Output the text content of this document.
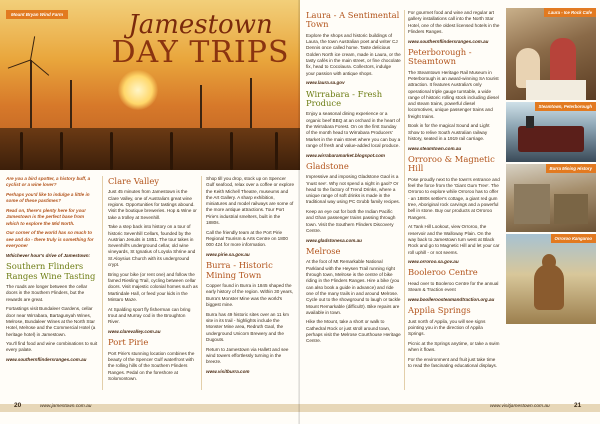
Mount Bryan Wind Farm	Jamestown
DAY TRIPS

Are you a bird spotter, a history buff, a cyclist or a wine lover?

Perhaps you'd like to indulge a little in some of these pastimes?

Read on, there's plenty here for you! Jamestown is the perfect base from which to explore the Mid North.

Our corner of the world has so much to see and do - there truly is something for everyone!

Whichever hour's drive of Jamestown:

Southern Flinders Ranges Wine Tasting

The roads are longer between the cellar doors in the Southern Flinders, but the rewards are great.

Fortastings visit Bundaleer Gardens, cellar door near Wirrabara, Bartagunyah Wines, Melrose, Bundaleer Wines at the North Star Hotel, Melrose and the Commercial Hotel (a heritage hotel) in Jamestown.

You'll find food and wine combinations to suit every palate.

www.southernflindersranges.com.au
Clare Valley

Just 45 minutes from Jamestown is the Clare Valley, one of Australia's great wine regions. Opportunities for tastings abound. Visit the boutique breweries. Hop & Wine or take a trolley at Sevenhill.

Take a step back into history on a tour of historic Sevenhill Cellars, founded by the Austrian Jesuits in 1851. The tour takes in Sevenhill's underground cellar, old wine vineyards, St Ignatius of Loyola Shrine and St Aloysius Church with its underground crypt.

Bring your bike (or rent one) and follow the famed Riesling Trail, cycling between cellar doors. Visit majestic colonial homes such as Martindale Hall, or feed your kids in the Mintaro Maze.

At Spalding sport fly fisherman can bring trout and Murray cod in the Broughton River.

www.clarevalley.com.au
Port Pirie

Port Pirie's stunning location combines the beauty of the Spencer Gulf waterfront with the rolling hills of the Southern Flinders Ranges. Pedal on the foreshore at Solomontown.

Shop till you drop, stock up on Spencer Gulf seafood, relax over a coffee or explore the Keith Michell Theatre, museums and the Art Gallery. A sharp exhibition, miniatures and model railways are some of the more antique attractions. Tour Port Pirie's industrial smelters, built in the 1880s.

Call the friendly team at the Port Pirie Regional Tourism & Arts Centre on 1800 000 424 for more information.

www.pirie.sa.gov.au
Burra - Historic Mining Town

Copper found in Burra in 1845 shaped the early history of the region. Within 30 years, Burra's Monster Mine was the world's biggest mine.

Burra has 49 historic sites over an 11 km site in its trail - highlights include the Monster Mine area, Redruth Gaol, the underground Unicorn Brewery and the Dugouts.

Return to Jamestown via Hallett and see wind towers effortlessly turning in the breeze.

www.visitburra.com
20	www.jamestown.com.au
Laura - A Sentimental Town

Explore the shops and historic buildings of Laura, the town Australian poet and writer CJ Dennis once called home. Taste delicious Golden North ice cream, made in Laura, or the tasty cafés in the main street, or fine chocolate fix, head to Cocolaura. Collectors, indulge your passion with antique shops.

www.laura.sa.gov
Wirrabara - Fresh Produce

Enjoy a seasonal dining experience or a organic beef BBQ at an orchard in the heart of the Wirrabara Forest. On on the first Sunday of the month head to Wirrabara Producers' Market in the main street where you can buy a range of fresh and value-added local produce.

www.wirrabaramarket.blogspot.com
Gladstone

Impressive and imposing Gladstone Gaol is a 'must see'. Why not spend a night in gaol? Or head to the factory of Trend Drinks, where a unique range of soft drinks is made in the traditional way using PC Grubb family recipes.

Keep an eye out for both the Indian Pacific and Ghan passenger trains passing through town. Visit the Southern Flinders Discovery Centre.

www.gladstonesa.com.au
Melrose

At the foot of Mt Remarkable National Parkland with the Heysen Trail running right through town, Melrose is the centre of bike riding in the Flinders Ranges. Hire a bike (you can also book a guide in advance) and ride one of the many trails in and around Melrose. Cycle out to the showground to laugh or tackle Mount Remarkable (difficult!). Bike repairs are available in town.

Hike the Mount, take a short or walk to Cathedral Rock or just stroll around town, perhaps visit the Melrose Courthouse Heritage Centre.

For gourmet food and wine and regular art gallery installations call into the North Star Hotel, one of the oldest licensed hotels in the Flinders Ranges.

www.southernflindersranges.com.au
Peterborough - Steamtown

The Steamtown Heritage Rail Museum in Peterborough is an award-winning SA tourist attraction. It features Australia's only operational triple gauge turntable, a wide range of historic rolling stock including diesel and steam trains, powerful diesel locomotives, unique passenger trains and freight trains.

Book in for the magical Sound and Light Show to relive South Australian railway history, seated in a 1919 rail carriage.

www.steamtown.com.au
Orroroo & Magnetic Hill

Pose proudly next to the town's entrance and feel the force from the 'Giant Gum Tree'. The Orroroo to explore while Orroroo has to offer - an 1880s settler's cottage, a giant red gum tree, Aboriginal rock carvings and a powerful bell in stone. Buy our products at Orroroo Rangers.

At Tank Hill Lookout, view Orroroo, the reservoir and the Walloway Plain. On the way back to Jamestown turn west at Black Rock and go to Magnetic Hill and let your car roll uphill - or not seems.

www.orroroo.sa.gov.au
Booleroo Centre

Head over to Booleroo Centre for the annual Steam & Traction event

www.boolleroosteamandtraction.org.au
Appila Springs

Just north of Appila, you will see signs pointing you in the direction of Appila Springs.

Picnic at the Springs anytime, or take a swim when it flows.

For the environment and fruit just take time to read the fascinating educational displays.

Laura - Ice Rock Cafe
Steamtown, Peterborough
Burra Mining History
Orroroo Kangaroo
www.visitjamestown.com.au	21
